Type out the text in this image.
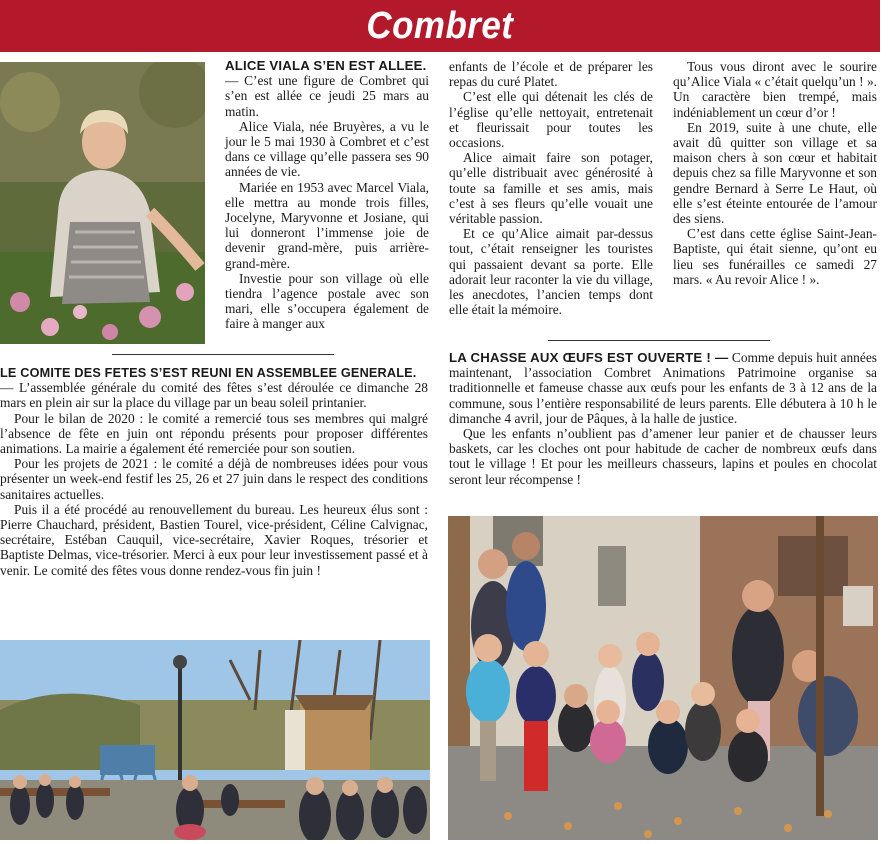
Combret
ALICE VIALA S’EN EST ALLEE.

— C’est une figure de Combret qui s’en est allée ce jeudi 25 mars au matin.

Alice Viala, née Bruyères, a vu le jour le 5 mai 1930 à Combret et c’est dans ce village qu’elle passera ses 90 années de vie.

Mariée en 1953 avec Marcel Viala, elle mettra au monde trois filles, Jocelyne, Maryvonne et Josiane, qui lui donneront l’immense joie de devenir grand-mère, puis arrière-grand-mère.

Investie pour son village où elle tiendra l’agence postale avec son mari, elle s’occupera également de faire à manger aux

enfants de l’école et de préparer les repas du curé Platet.

C’est elle qui détenait les clés de l’église qu’elle nettoyait, entretenait et fleurissait pour toutes les occasions.

Alice aimait faire son potager, qu’elle distribuait avec générosité à toute sa famille et ses amis, mais c’est à ses fleurs qu’elle vouait une véritable passion.

Et ce qu’Alice aimait par-dessus tout, c’était renseigner les touristes qui passaient devant sa porte. Elle adorait leur raconter la vie du village, les anecdotes, l’ancien temps dont elle était la mémoire.

Tous vous diront avec le sourire qu’Alice Viala « c’était quelqu’un ! ». Un caractère bien trempé, mais indéniablement un cœur d’or !

En 2019, suite à une chute, elle avait dû quitter son village et sa maison chers à son cœur et habitait depuis chez sa fille Maryvonne et son gendre Bernard à Serre Le Haut, où elle s’est éteinte entourée de l’amour des siens.

C’est dans cette église Saint-Jean-Baptiste, qui était sienne, qu’ont eu lieu ses funérailles ce samedi 27 mars. « Au revoir Alice ! ».

LE COMITE DES FETES S’EST REUNI EN ASSEMBLEE GENERALE.

— L’assemblée générale du comité des fêtes s’est déroulée ce dimanche 28 mars en plein air sur la place du village par un beau soleil printanier.

Pour le bilan de 2020 : le comité a remercié tous ses membres qui malgré l’absence de fête en juin ont répondu présents pour proposer différentes animations. La mairie a également été remerciée pour son soutien.

Pour les projets de 2021 : le comité a déjà de nombreuses idées pour vous présenter un week-end festif les 25, 26 et 27 juin dans le respect des conditions sanitaires actuelles.

Puis il a été procédé au renouvellement du bureau. Les heureux élus sont : Pierre Chauchard, président, Bastien Tourel, vice-président, Céline Calvignac, secrétaire, Estéban Cauquil, vice-secrétaire, Xavier Roques, trésorier et Baptiste Delmas, vice-trésorier. Merci à eux pour leur investissement passé et à venir. Le comité des fêtes vous donne rendez-vous fin juin !

LA CHASSE AUX ŒUFS EST OUVERTE ! — Comme depuis huit années maintenant, l’association Combret Animations Patrimoine organise sa traditionnelle et fameuse chasse aux œufs pour les enfants de 3 à 12 ans de la commune, sous l’entière responsabilité de leurs parents. Elle débutera à 10 h le dimanche 4 avril, jour de Pâques, à la halle de justice.

Que les enfants n’oublient pas d’amener leur panier et de chausser leurs baskets, car les cloches ont pour habitude de cacher de nombreux œufs dans tout le village ! Et pour les meilleurs chasseurs, lapins et poules en chocolat seront leur récompense !
